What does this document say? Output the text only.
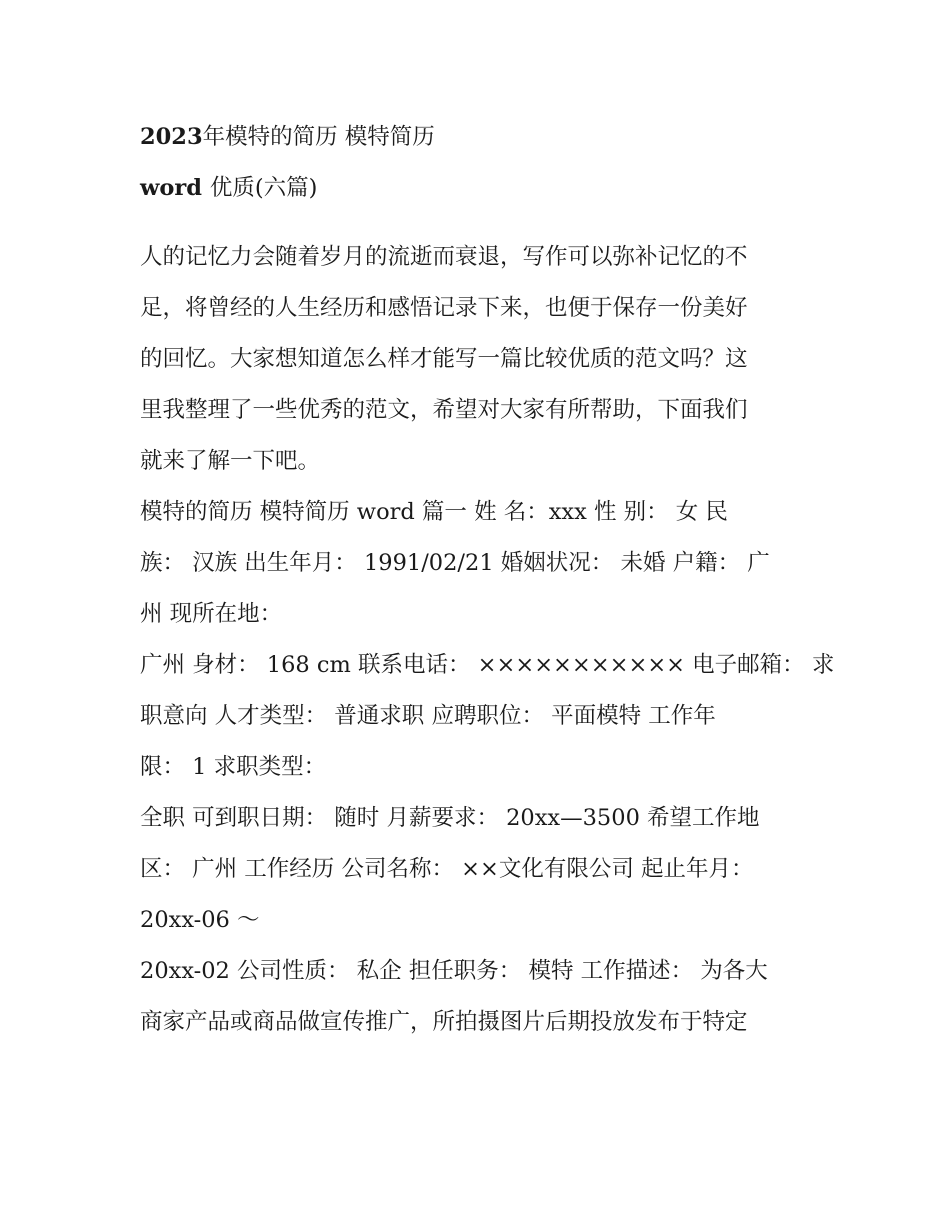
2023年模特的简历 模特简历
word 优质(六篇)
人的记忆力会随着岁月的流逝而衰退，写作可以弥补记忆的不
足，将曾经的人生经历和感悟记录下来，也便于保存一份美好
的回忆。大家想知道怎么样才能写一篇比较优质的范文吗？这
里我整理了一些优秀的范文，希望对大家有所帮助，下面我们
就来了解一下吧。
模特的简历 模特简历 word 篇一 姓 名：xxx 性 别： 女 民
族： 汉族 出生年月： 1991/02/21 婚姻状况： 未婚 户籍： 广
州 现所在地：
广州 身材： 168 cm 联系电话： ××××××××××× 电子邮箱： 求
职意向 人才类型： 普通求职 应聘职位： 平面模特 工作年
限： 1 求职类型：
全职 可到职日期： 随时 月薪要求： 20xx—3500 希望工作地
区： 广州 工作经历 公司名称： ××文化有限公司 起止年月：
20xx-06 ～
20xx-02 公司性质： 私企 担任职务： 模特 工作描述： 为各大
商家产品或商品做宣传推广，所拍摄图片后期投放发布于特定
